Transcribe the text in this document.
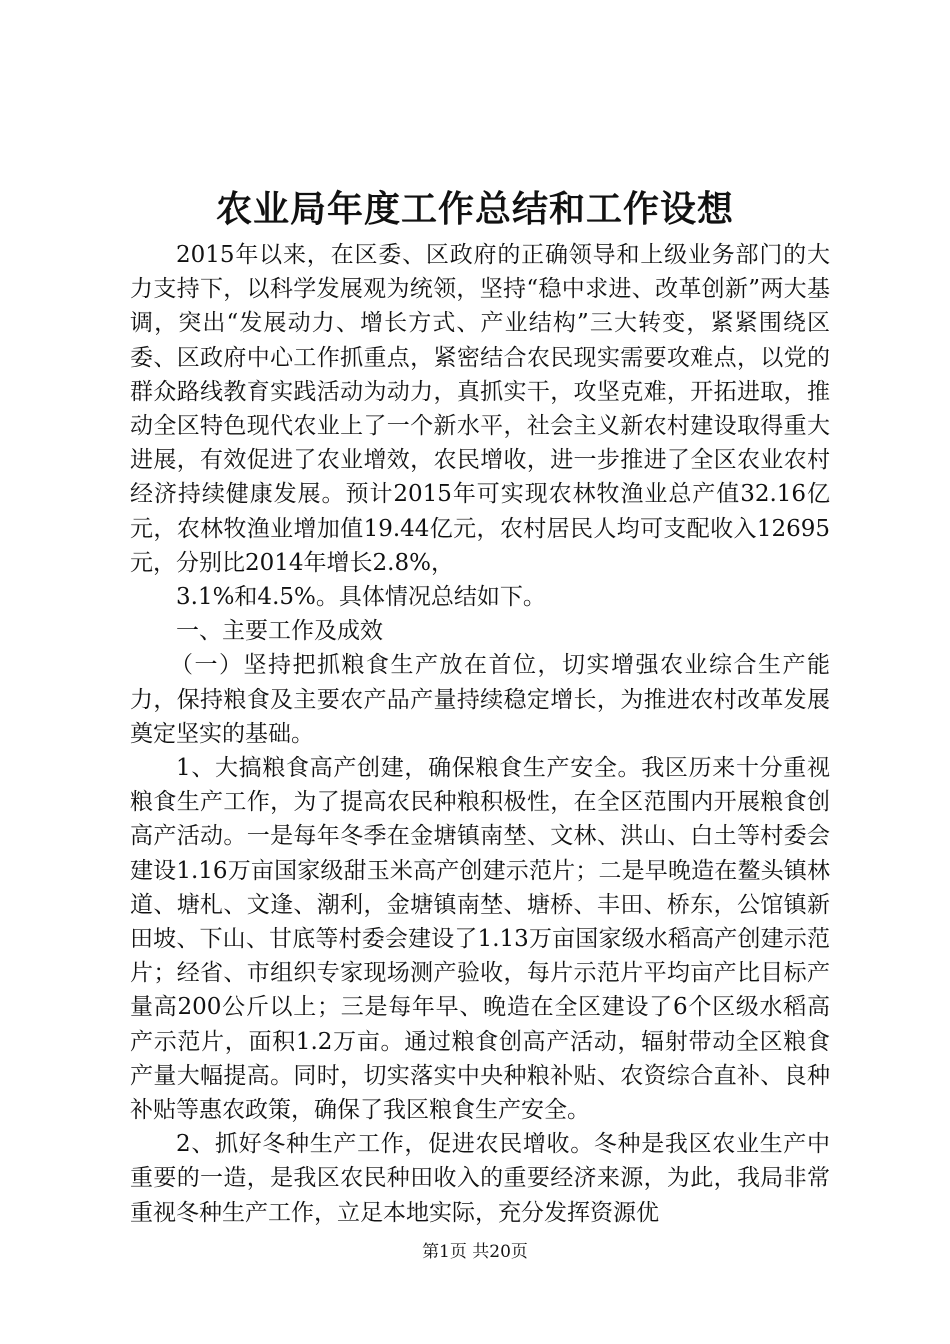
农业局年度工作总结和工作设想

2015年以来，在区委、区政府的正确领导和上级业务部门的大力支持下，以科学发展观为统领，坚持“稳中求进、改革创新”两大基调，突出“发展动力、增长方式、产业结构”三大转变，紧紧围绕区委、区政府中心工作抓重点，紧密结合农民现实需要攻难点，以党的群众路线教育实践活动为动力，真抓实干，攻坚克难，开拓进取，推动全区特色现代农业上了一个新水平，社会主义新农村建设取得重大进展，有效促进了农业增效，农民增收，进一步推进了全区农业农村经济持续健康发展。预计2015年可实现农林牧渔业总产值32.16亿元，农林牧渔业增加值19.44亿元，农村居民人均可支配收入12695元，分别比2014年增长2.8%，

3.1%和4.5%。具体情况总结如下。

一、主要工作及成效

（一）坚持把抓粮食生产放在首位，切实增强农业综合生产能力，保持粮食及主要农产品产量持续稳定增长，为推进农村改革发展奠定坚实的基础。

1、大搞粮食高产创建，确保粮食生产安全。我区历来十分重视粮食生产工作，为了提高农民种粮积极性，在全区范围内开展粮食创高产活动。一是每年冬季在金塘镇南埜、文林、洪山、白土等村委会建设1.16万亩国家级甜玉米高产创建示范片；二是早晚造在鳌头镇林道、塘札、文逢、潮利，金塘镇南埜、塘桥、丰田、桥东，公馆镇新田坡、下山、甘底等村委会建设了1.13万亩国家级水稻高产创建示范片；经省、市组织专家现场测产验收，每片示范片平均亩产比目标产量高200公斤以上；三是每年早、晚造在全区建设了6个区级水稻高产示范片，面积1.2万亩。通过粮食创高产活动，辐射带动全区粮食产量大幅提高。同时，切实落实中央种粮补贴、农资综合直补、良种补贴等惠农政策，确保了我区粮食生产安全。

2、抓好冬种生产工作，促进农民增收。冬种是我区农业生产中重要的一造，是我区农民种田收入的重要经济来源，为此，我局非常重视冬种生产工作，立足本地实际，充分发挥资源优

第1页 共20页
